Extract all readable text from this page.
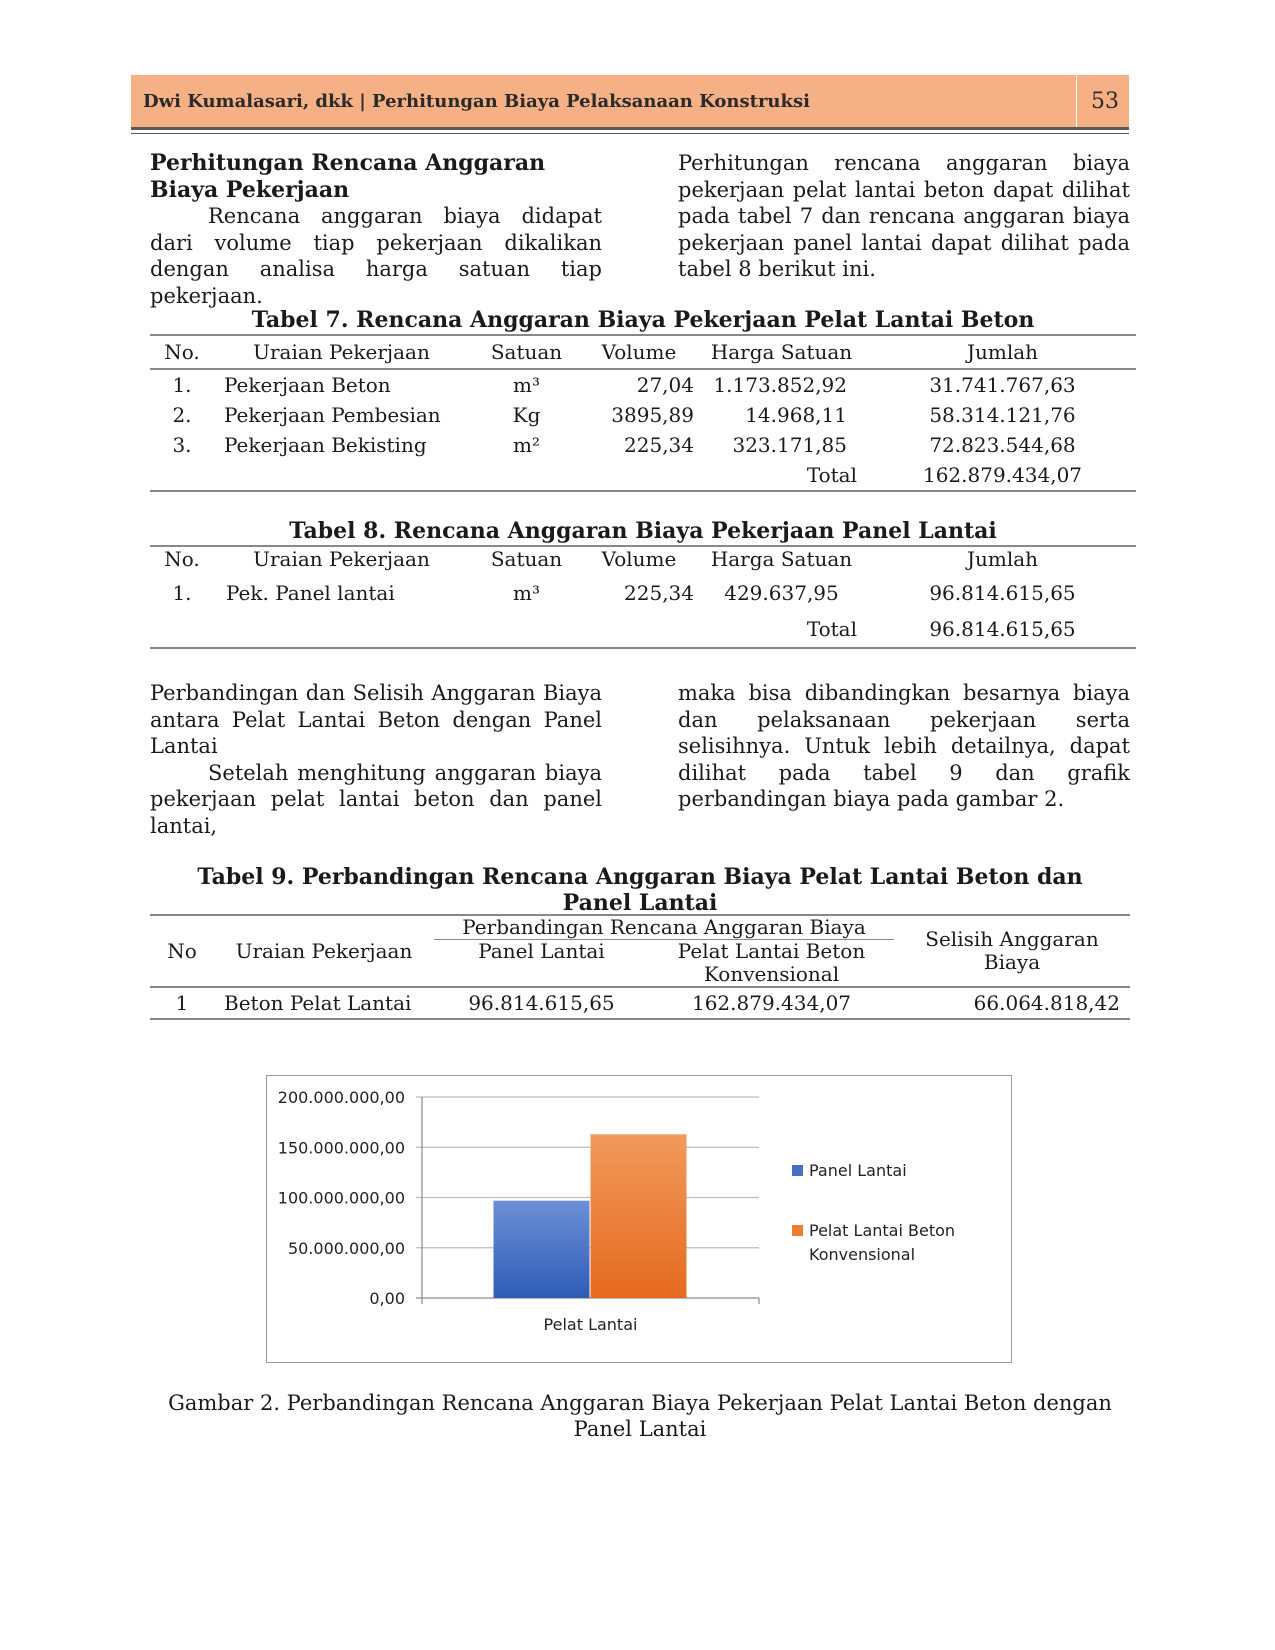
Dwi Kumalasari, dkk | Perhitungan Biaya Pelaksanaan Konstruksi	53

Perhitungan Rencana Anggaran Biaya Pekerjaan

Rencana anggaran biaya didapat dari volume tiap pekerjaan dikalikan dengan analisa harga satuan tiap pekerjaan.

Perhitungan rencana anggaran biaya pekerjaan pelat lantai beton dapat dilihat pada tabel 7 dan rencana anggaran biaya pekerjaan panel lantai dapat dilihat pada tabel 8 berikut ini.

Tabel 7. Rencana Anggaran Biaya Pekerjaan Pelat Lantai Beton
No.	Uraian Pekerjaan	Satuan	Volume	Harga Satuan	Jumlah
1.	Pekerjaan Beton	m³	27,04	1.173.852,92	31.741.767,63
2.	Pekerjaan Pembesian	Kg	3895,89	14.968,11	58.314.121,76
3.	Pekerjaan Bekisting	m²	225,34	323.171,85	72.823.544,68
				Total	162.879.434,07
Tabel 8. Rencana Anggaran Biaya Pekerjaan Panel Lantai
No.	Uraian Pekerjaan	Satuan	Volume	Harga Satuan	Jumlah
1.	Pek. Panel lantai	m³	225,34	429.637,95	96.814.615,65
				Total	96.814.615,65

Perbandingan dan Selisih Anggaran Biaya antara Pelat Lantai Beton dengan Panel Lantai

Setelah menghitung anggaran biaya pekerjaan pelat lantai beton dan panel lantai,

maka bisa dibandingkan besarnya biaya dan pelaksanaan pekerjaan serta selisihnya. Untuk lebih detailnya, dapat dilihat pada tabel 9 dan grafik perbandingan biaya pada gambar 2.

Tabel 9. Perbandingan Rencana Anggaran Biaya Pelat Lantai Beton dan Panel Lantai
No	Uraian Pekerjaan	Perbandingan Rencana Anggaran Biaya		Selisih Anggaran Biaya
		Panel Lantai	Pelat Lantai Beton Konvensional	
1	Beton Pelat Lantai	96.814.615,65	162.879.434,07	66.064.818,42
0,00
50.000.000,00
100.000.000,00
150.000.000,00
200.000.000,00
Pelat Lantai
Panel Lantai
Pelat Lantai Beton Konvensional
Gambar 2. Perbandingan Rencana Anggaran Biaya Pekerjaan Pelat Lantai Beton dengan Panel Lantai
